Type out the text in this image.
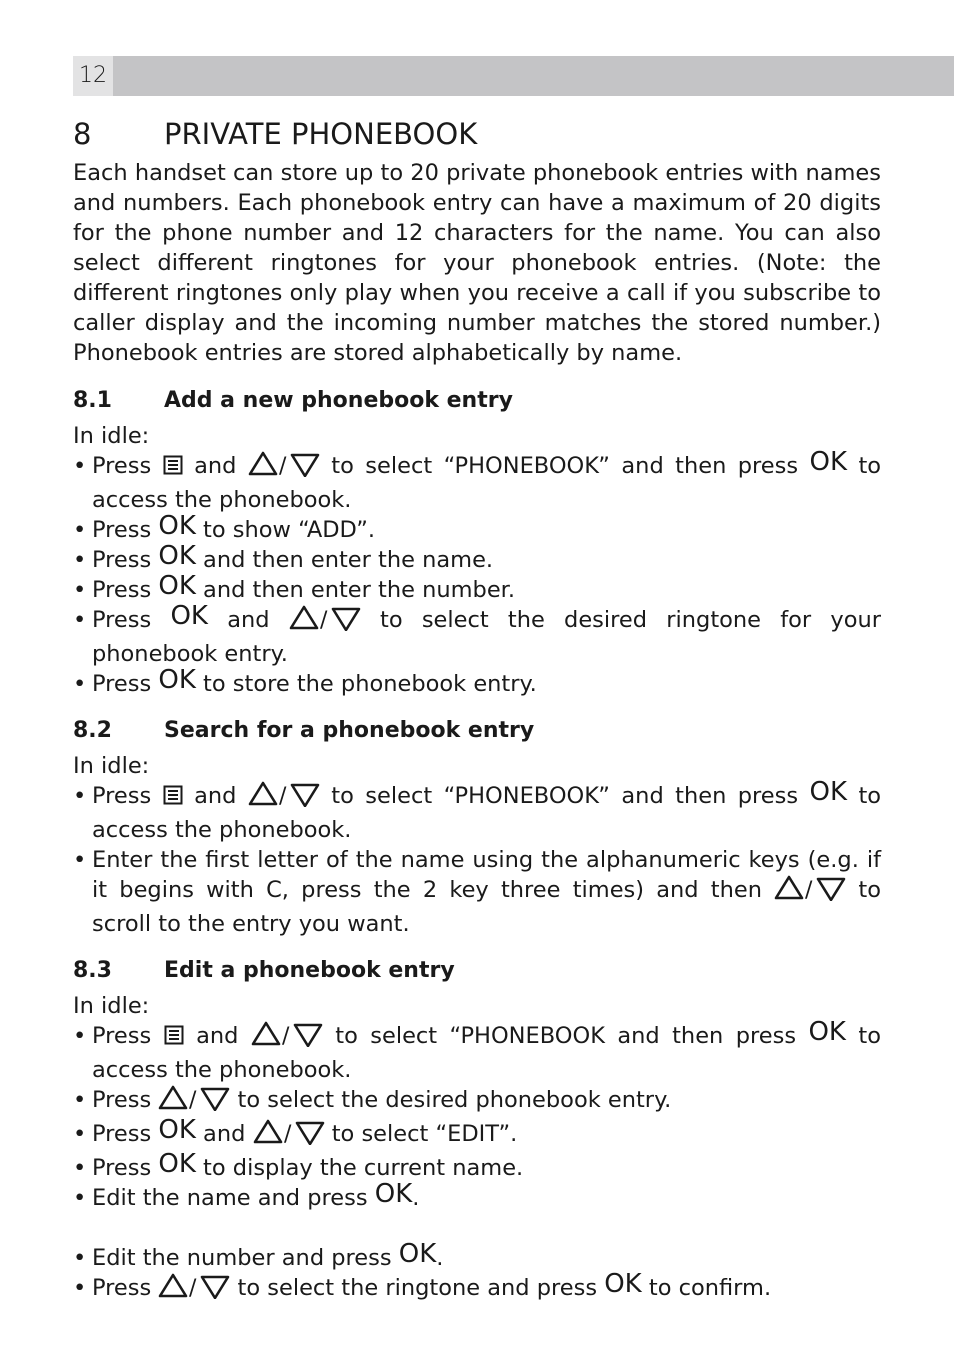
12
8	PRIVATE PHONEBOOK

Each handset can store up to 20 private phonebook entries with names and numbers. Each phonebook entry can have a maximum of 20 digits for the phone number and 12 characters for the name. You can also select different ringtones for your phonebook entries. (Note: the different ringtones only play when you receive a call if you subscribe to caller display and the incoming number matches the stored number.) Phonebook entries are stored alphabetically by name.

8.1	Add a new phonebook entry
In idle:
• Press and / to select “PHONEBOOK” and then press OK to access the phonebook.
• Press OK to show “ADD”.
• Press OK and then enter the name.
• Press OK and then enter the number.
• Press OK and / to select the desired ringtone for your phonebook entry.
• Press OK to store the phonebook entry.
8.2	Search for a phonebook entry
In idle:
• Press and / to select “PHONEBOOK” and then press OK to access the phonebook.
• Enter the first letter of the name using the alphanumeric keys (e.g. if it begins with C, press the 2 key three times) and then / to scroll to the entry you want.
8.3	Edit a phonebook entry
In idle:
• Press and / to select “PHONEBOOK and then press OK to access the phonebook.
• Press / to select the desired phonebook entry.
• Press OK and / to select “EDIT”.
• Press OK to display the current name.
• Edit the name and press OK.
• Edit the number and press OK.
• Press / to select the ringtone and press OK to confirm.
